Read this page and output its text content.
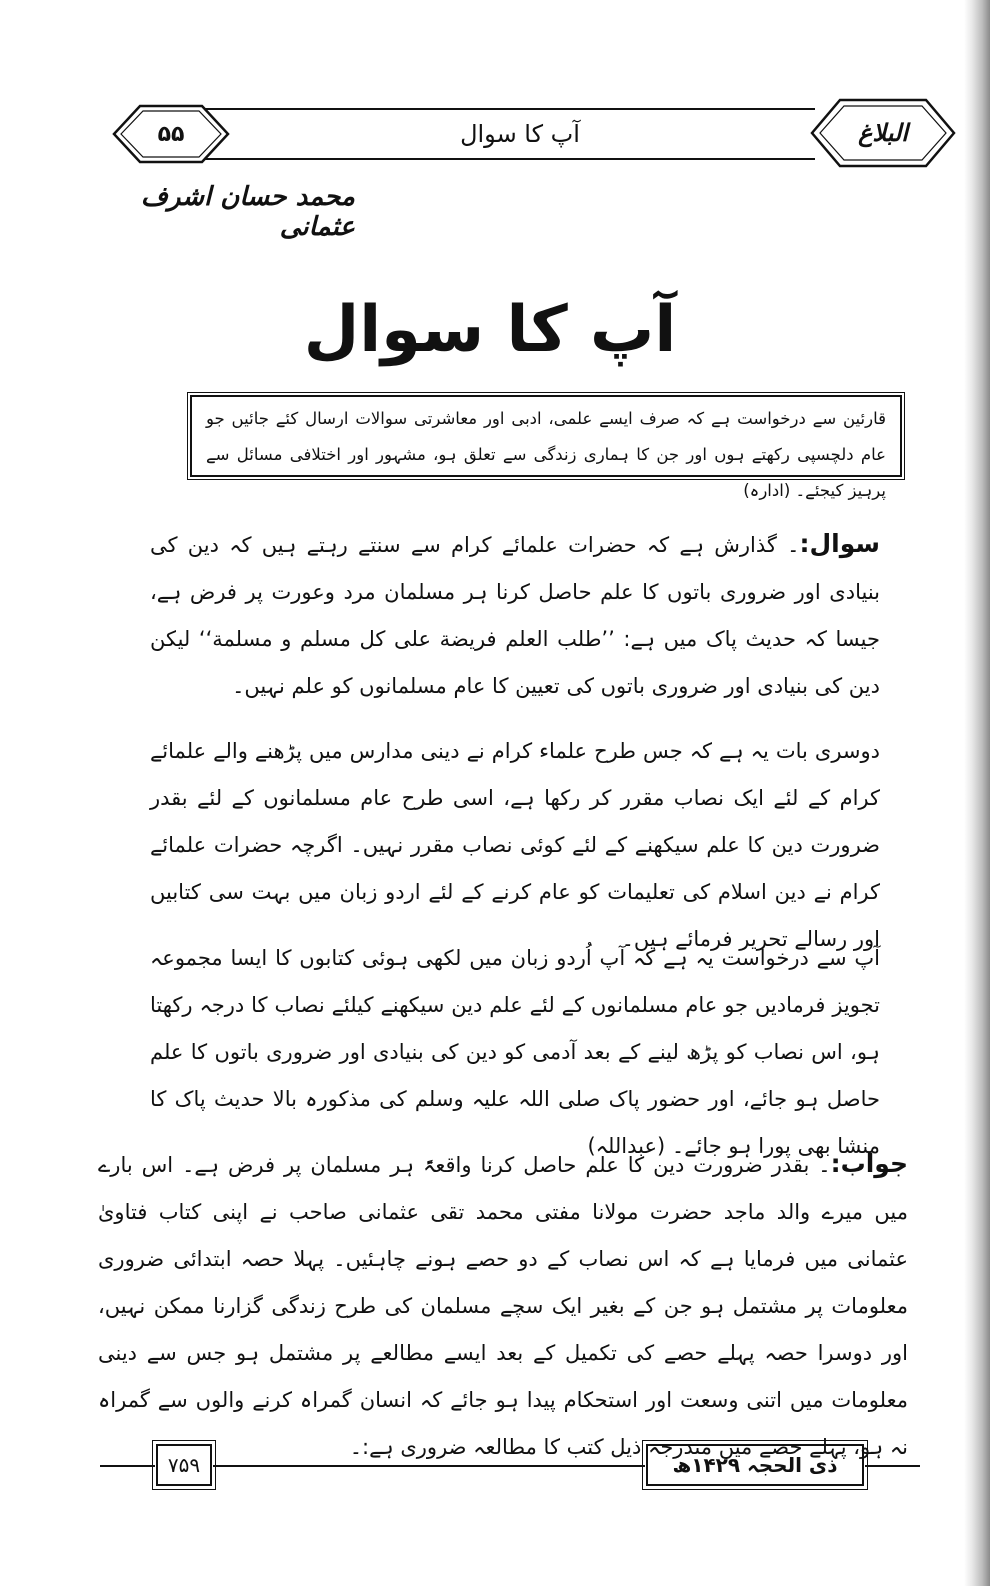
۵۵	البلاغ
آپ کا سوال
محمد حسان اشرف عثمانی
آپ کا سوال
قارئین سے درخواست ہے کہ صرف ایسے علمی، ادبی اور معاشرتی سوالات ارسال کئے جائیں جو عام دلچسپی رکھتے ہوں اور جن کا ہماری زندگی سے تعلق ہو، مشہور اور اختلافی مسائل سے پرہیز کیجئے۔ (ادارہ)
سوال:۔ گذارش ہے کہ حضرات علمائے کرام سے سنتے رہتے ہیں کہ دین کی بنیادی اور ضروری باتوں کا علم حاصل کرنا ہر مسلمان مرد وعورت پر فرض ہے، جیسا کہ حدیث پاک میں ہے: ’’طلب العلم فریضة علی کل مسلم و مسلمة‘‘ لیکن دین کی بنیادی اور ضروری باتوں کی تعیین کا عام مسلمانوں کو علم نہیں۔
دوسری بات یہ ہے کہ جس طرح علماء کرام نے دینی مدارس میں پڑھنے والے علمائے کرام کے لئے ایک نصاب مقرر کر رکھا ہے، اسی طرح عام مسلمانوں کے لئے بقدر ضرورت دین کا علم سیکھنے کے لئے کوئی نصاب مقرر نہیں۔ اگرچہ حضرات علمائے کرام نے دین اسلام کی تعلیمات کو عام کرنے کے لئے اردو زبان میں بہت سی کتابیں اور رسالے تحریر فرمائے ہیں۔
آپ سے درخواست یہ ہے کہ آپ اُردو زبان میں لکھی ہوئی کتابوں کا ایسا مجموعہ تجویز فرمادیں جو عام مسلمانوں کے لئے علم دین سیکھنے کیلئے نصاب کا درجہ رکھتا ہو، اس نصاب کو پڑھ لینے کے بعد آدمی کو دین کی بنیادی اور ضروری باتوں کا علم حاصل ہو جائے، اور حضور پاک صلی اللہ علیہ وسلم کی مذکورہ بالا حدیث پاک کا منشا بھی پورا ہو جائے۔ (عبداللہ)
جواب:۔ بقدر ضرورت دین کا علم حاصل کرنا واقعۃً ہر مسلمان پر فرض ہے۔ اس بارے میں میرے والد ماجد حضرت مولانا مفتی محمد تقی عثمانی صاحب نے اپنی کتاب فتاویٰ عثمانی میں فرمایا ہے کہ اس نصاب کے دو حصے ہونے چاہئیں۔ پہلا حصہ ابتدائی ضروری معلومات پر مشتمل ہو جن کے بغیر ایک سچے مسلمان کی طرح زندگی گزارنا ممکن نہیں، اور دوسرا حصہ پہلے حصے کی تکمیل کے بعد ایسے مطالعے پر مشتمل ہو جس سے دینی معلومات میں اتنی وسعت اور استحکام پیدا ہو جائے کہ انسان گمراہ کرنے والوں سے گمراہ نہ ہو، پہلے حصے میں مندرجہ ذیل کتب کا مطالعہ ضروری ہے:۔
۷۵۹	ذی الحجہ ۱۴۲۹ھ
